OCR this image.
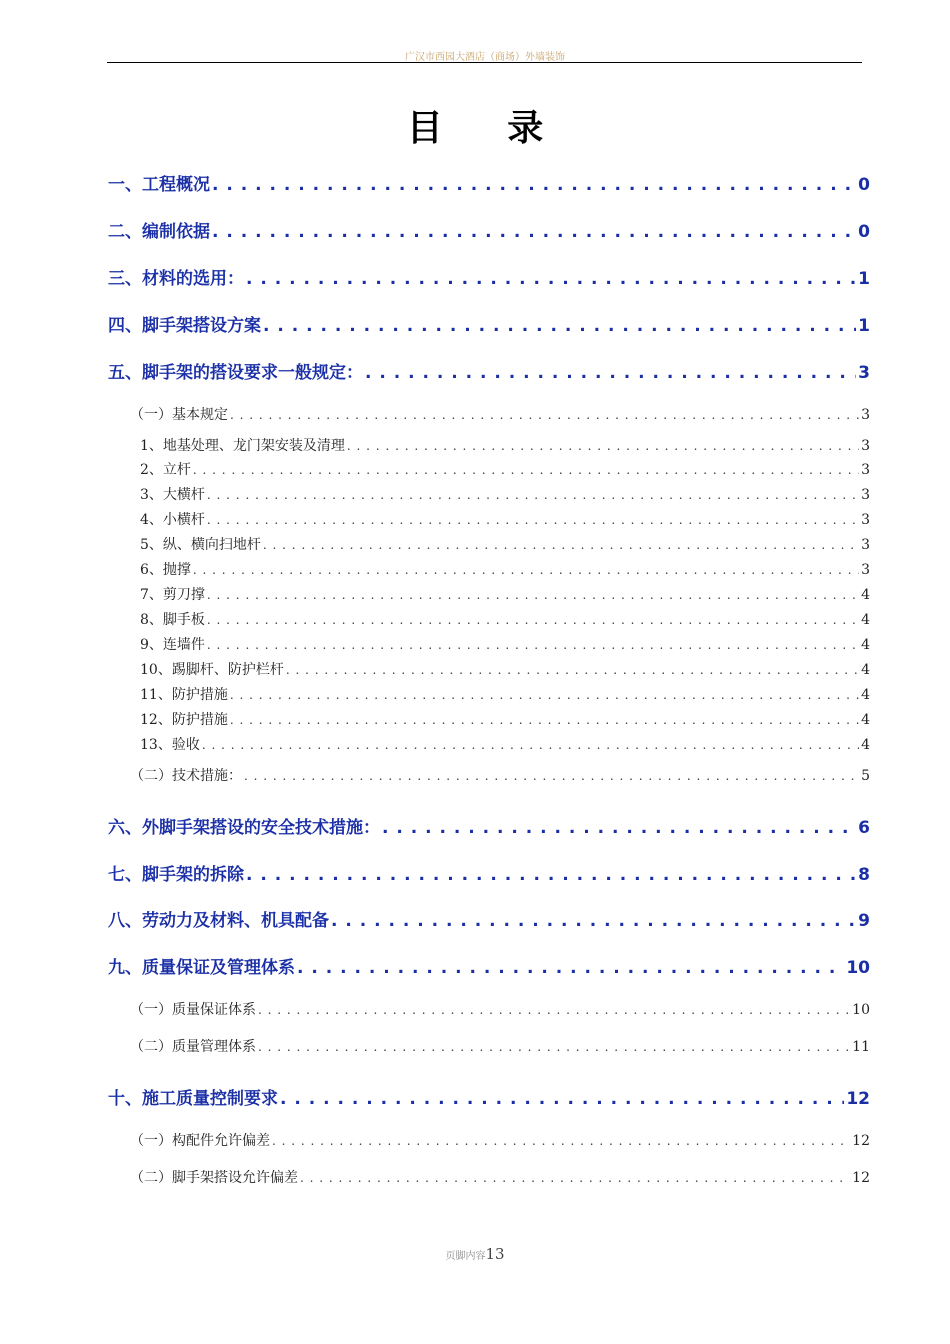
广汉市西园大酒店（商场）外墙装饰
目 录
一、工程概况 . . .	0
二、编制依据 . . .	0
三、材料的选用： . . .	1
四、脚手架搭设方案 . . .	1
五、脚手架的搭设要求一般规定： . . .	3
（一）基本规定 . . .	3
1、地基处理、龙门架安装及清理 . . .	3
2、立杆 . . .	3
3、大横杆 . . .	3
4、小横杆 . . .	3
5、纵、横向扫地杆 . . .	3
6、抛撑 . . .	3
7、剪刀撑 . . .	4
8、脚手板 . . .	4
9、连墙件 . . .	4
10、踢脚杆、防护栏杆 . . .	4
11、防护措施 . . .	4
12、防护措施 . . .	4
13、验收 . . .	4
（二）技术措施： . . .	5
六、外脚手架搭设的安全技术措施： . . .	6
七、脚手架的拆除 . . .	8
八、劳动力及材料、机具配备 . . .	9
九、质量保证及管理体系 . . .	10
（一）质量保证体系 . . .	10
（二）质量管理体系 . . .	11
十、施工质量控制要求 . . .	12
（一）构配件允许偏差 . . .	12
（二）脚手架搭设允许偏差 . . .	12
页脚内容13
